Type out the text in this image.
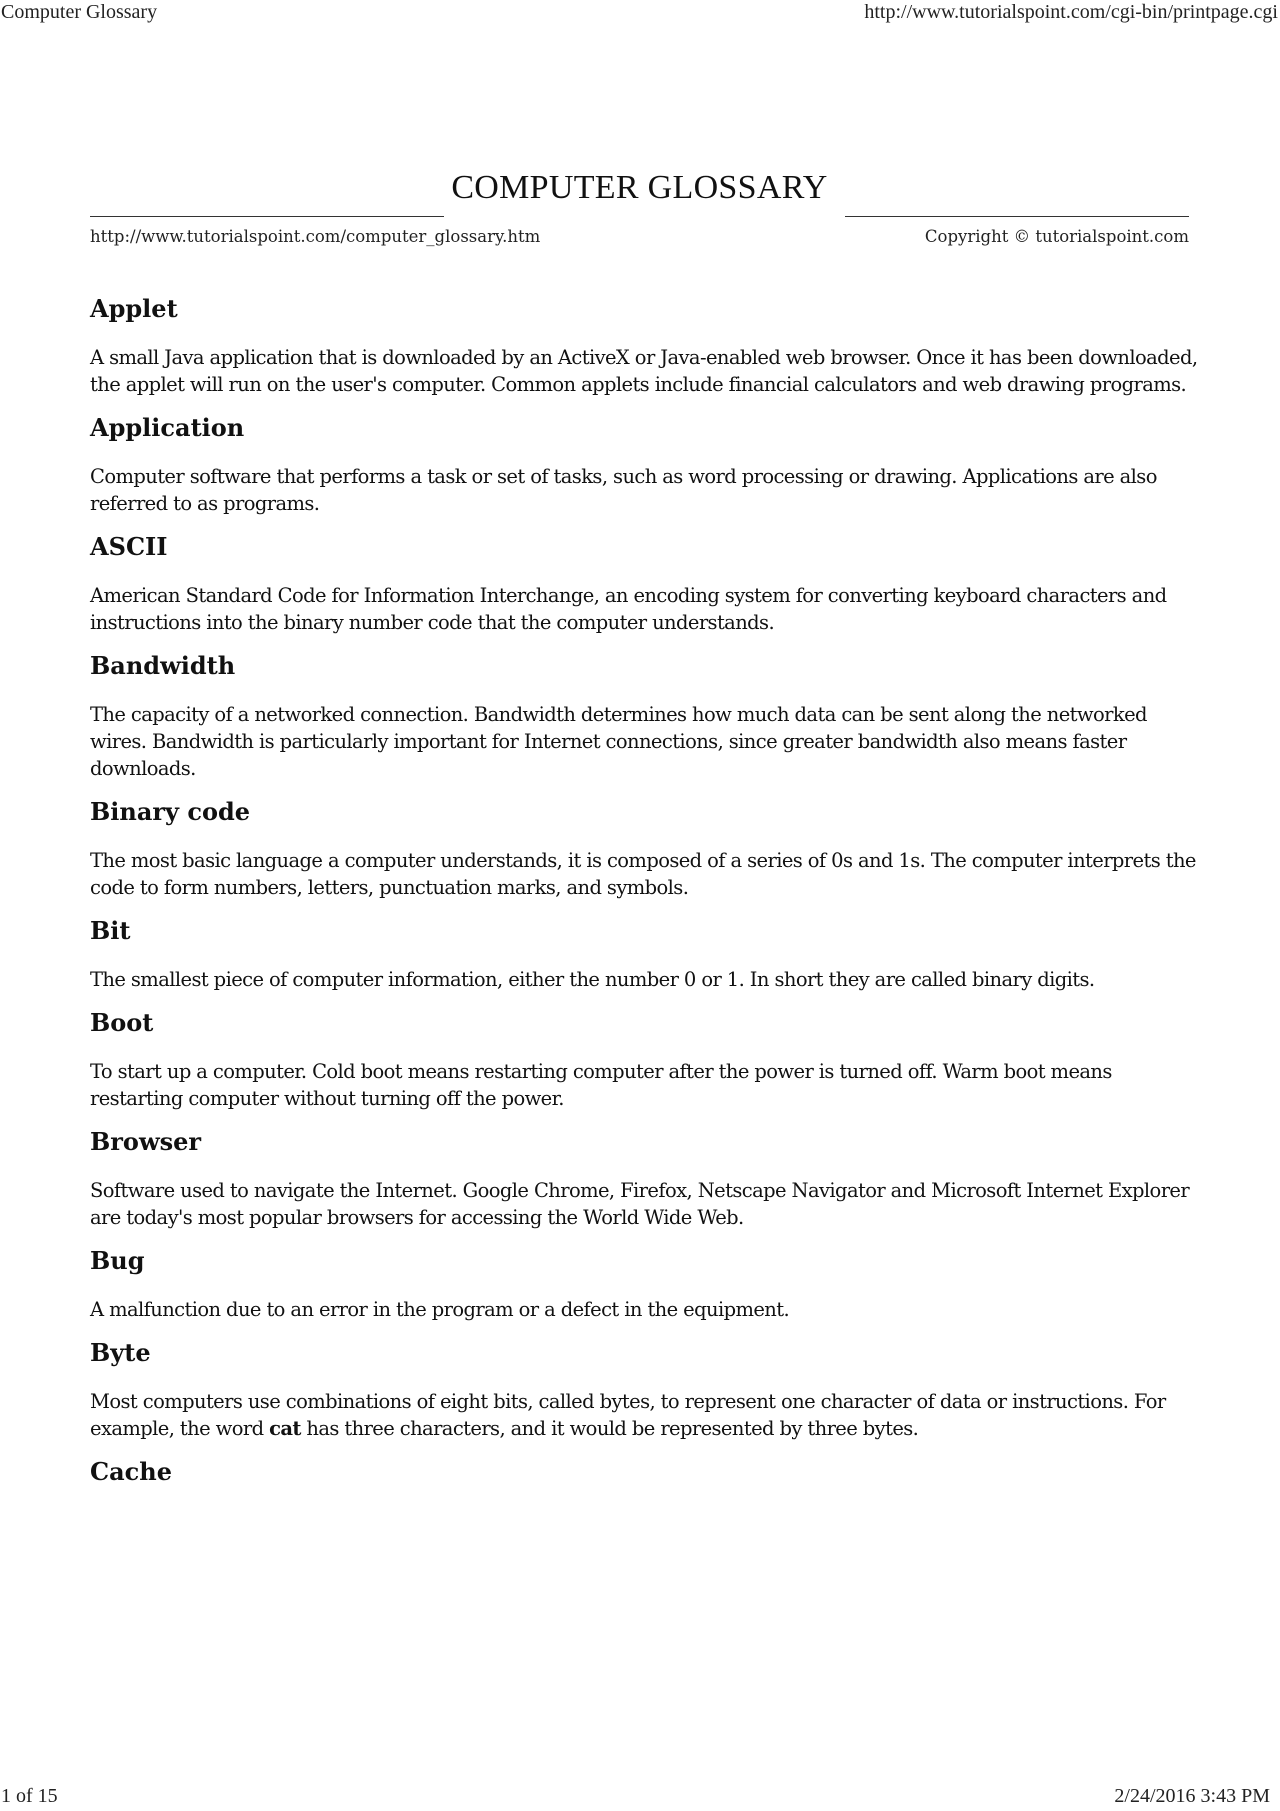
Computer Glossary	http://www.tutorialspoint.com/cgi-bin/printpage.cgi
COMPUTER GLOSSARY
http://www.tutorialspoint.com/computer_glossary.htm	Copyright © tutorialspoint.com
Applet

A small Java application that is downloaded by an ActiveX or Java-enabled web browser. Once it has been downloaded, the applet will run on the user's computer. Common applets include financial calculators and web drawing programs.

Application

Computer software that performs a task or set of tasks, such as word processing or drawing. Applications are also referred to as programs.

ASCII

American Standard Code for Information Interchange, an encoding system for converting keyboard characters and instructions into the binary number code that the computer understands.

Bandwidth

The capacity of a networked connection. Bandwidth determines how much data can be sent along the networked wires. Bandwidth is particularly important for Internet connections, since greater bandwidth also means faster downloads.

Binary code

The most basic language a computer understands, it is composed of a series of 0s and 1s. The computer interprets the code to form numbers, letters, punctuation marks, and symbols.

Bit

The smallest piece of computer information, either the number 0 or 1. In short they are called binary digits.

Boot

To start up a computer. Cold boot means restarting computer after the power is turned off. Warm boot means restarting computer without turning off the power.

Browser

Software used to navigate the Internet. Google Chrome, Firefox, Netscape Navigator and Microsoft Internet Explorer are today's most popular browsers for accessing the World Wide Web.

Bug

A malfunction due to an error in the program or a defect in the equipment.

Byte

Most computers use combinations of eight bits, called bytes, to represent one character of data or instructions. For example, the word cat has three characters, and it would be represented by three bytes.

Cache
1 of 15	2/24/2016 3:43 PM
